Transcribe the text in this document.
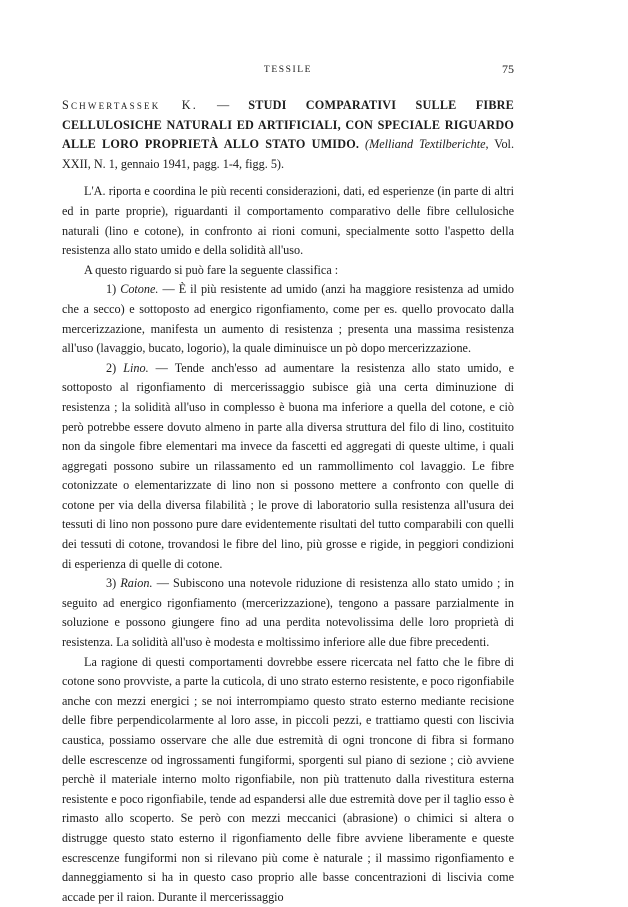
TESSILE	75

Schwertassek K. — STUDI COMPARATIVI SULLE FIBRE CELLULOSICHE NATURALI ED ARTIFICIALI, CON SPECIALE RIGUARDO ALLE LORO PROPRIETÀ ALLO STATO UMIDO. (Melliand Textilberichte, Vol. XXII, N. 1, gennaio 1941, pagg. 1-4, figg. 5).

L'A. riporta e coordina le più recenti considerazioni, dati, ed esperienze (in parte di altri ed in parte proprie), riguardanti il comportamento comparativo delle fibre cellulosiche naturali (lino e cotone), in confronto ai rioni comuni, specialmente sotto l'aspetto della resistenza allo stato umido e della solidità all'uso.

A questo riguardo si può fare la seguente classifica :

1) Cotone. — È il più resistente ad umido (anzi ha maggiore resistenza ad umido che a secco) e sottoposto ad energico rigonfiamento, come per es. quello provocato dalla mercerizzazione, manifesta un aumento di resistenza ; presenta una massima resistenza all'uso (lavaggio, bucato, logorio), la quale diminuisce un pò dopo mercerizzazione.

2) Lino. — Tende anch'esso ad aumentare la resistenza allo stato umido, e sottoposto al rigonfiamento di mercerissaggio subisce già una certa diminuzione di resistenza ; la solidità all'uso in complesso è buona ma inferiore a quella del cotone, e ciò però potrebbe essere dovuto almeno in parte alla diversa struttura del filo di lino, costituito non da singole fibre elementari ma invece da fascetti ed aggregati di queste ultime, i quali aggregati possono subire un rilassamento ed un rammollimento col lavaggio. Le fibre cotonizzate o elementarizzate di lino non si possono mettere a confronto con quelle di cotone per via della diversa filabilità ; le prove di laboratorio sulla resistenza all'usura dei tessuti di lino non possono pure dare evidentemente risultati del tutto comparabili con quelli dei tessuti di cotone, trovandosi le fibre del lino, più grosse e rigide, in peggiori condizioni di esperienza di quelle di cotone.

3) Raion. — Subiscono una notevole riduzione di resistenza allo stato umido ; in seguito ad energico rigonfiamento (mercerizzazione), tengono a passare parzialmente in soluzione e possono giungere fino ad una perdita notevolissima delle loro proprietà di resistenza. La solidità all'uso è modesta e moltissimo inferiore alle due fibre precedenti.

La ragione di questi comportamenti dovrebbe essere ricercata nel fatto che le fibre di cotone sono provviste, a parte la cuticola, di uno strato esterno resistente, e poco rigonfiabile anche con mezzi energici ; se noi interrompiamo questo strato esterno mediante recisione delle fibre perpendicolarmente al loro asse, in piccoli pezzi, e trattiamo questi con liscivia caustica, possiamo osservare che alle due estremità di ogni troncone di fibra si formano delle escrescenze od ingrossamenti fungiformi, sporgenti sul piano di sezione ; ciò avviene perchè il materiale interno molto rigonfiabile, non più trattenuto dalla rivestitura esterna resistente e poco rigonfiabile, tende ad espandersi alle due estremità dove per il taglio esso è rimasto allo scoperto. Se però con mezzi meccanici (abrasione) o chimici si altera o distrugge questo stato esterno il rigonfiamento delle fibre avviene liberamente e queste escrescenze fungiformi non si rilevano più come è naturale ; il massimo rigonfiamento e danneggiamento si ha in questo caso proprio alle basse concentrazioni di liscivia come accade per il raion. Durante il mercerissaggio
